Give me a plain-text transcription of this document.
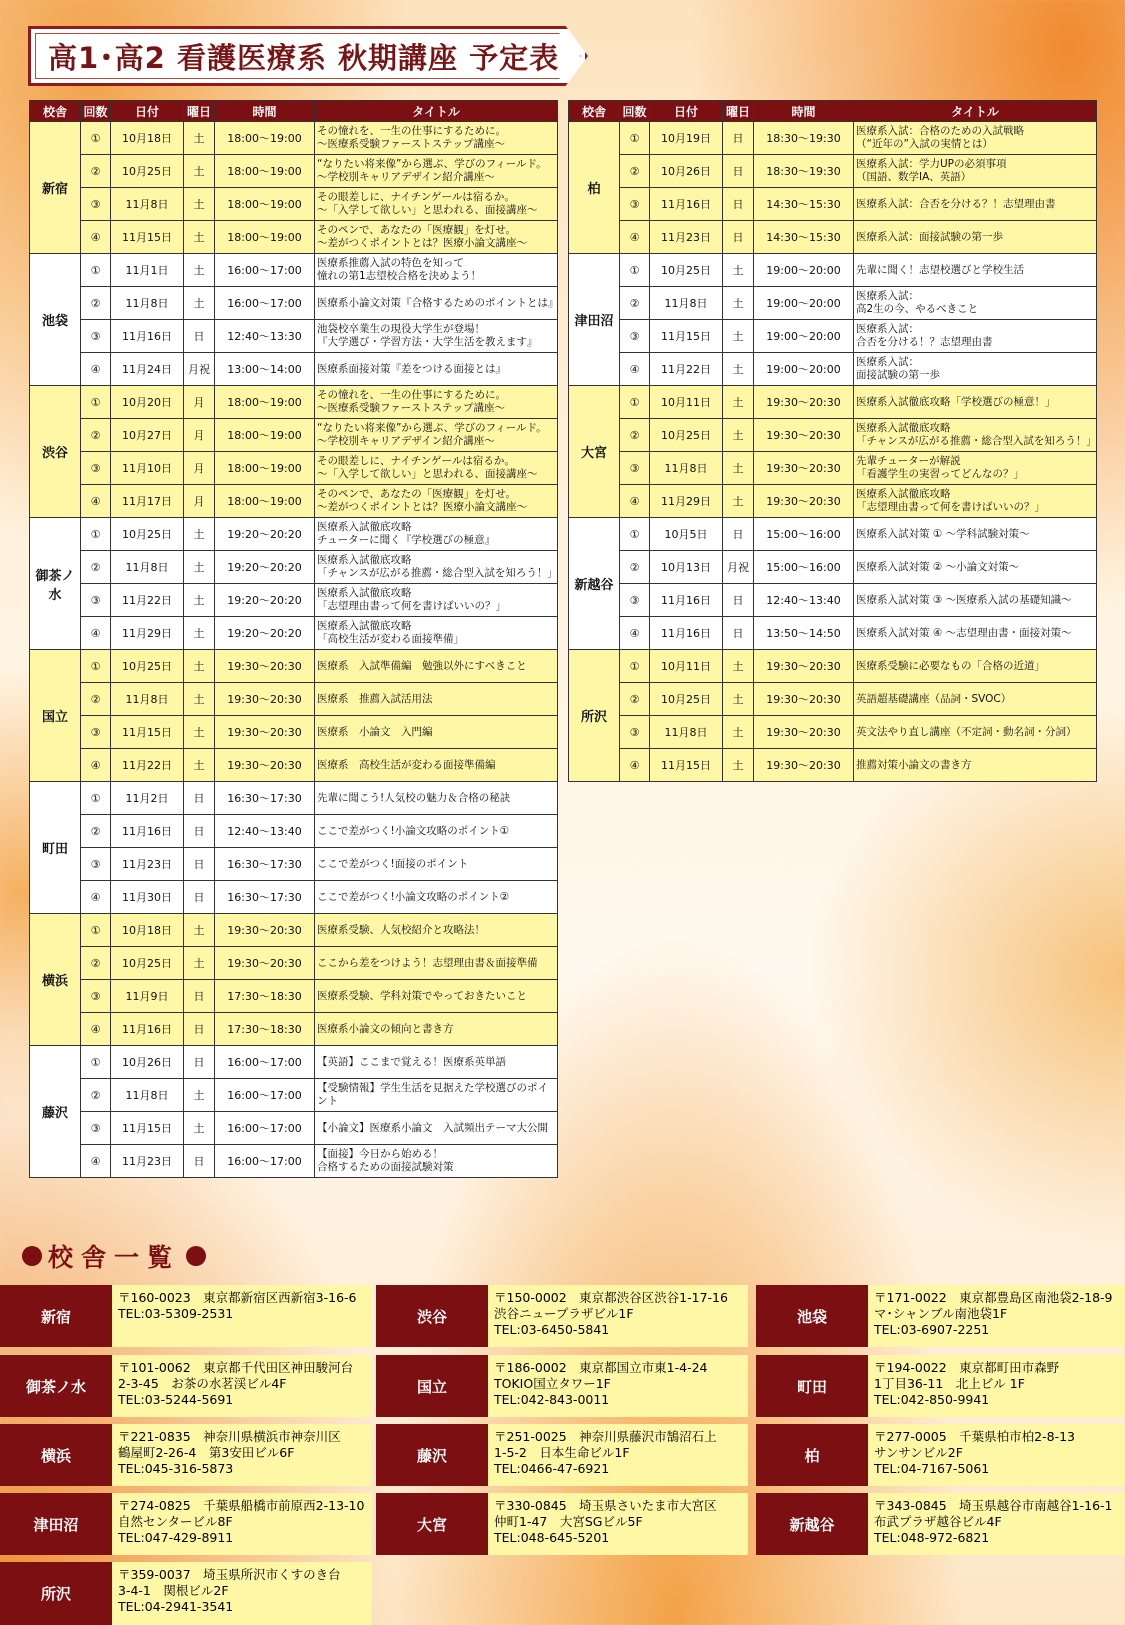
高1･高2 看護医療系 秋期講座 予定表
校舎	回数	日付	曜日	時間	タイトル
新宿	①	10月18日	土	18:00～19:00	その憧れを、一生の仕事にするために。
～医療系受験ファーストステップ講座～
	②	10月25日	土	18:00～19:00	“なりたい将来像”から選ぶ、学びのフィールド。
～学校別キャリアデザイン紹介講座～
	③	11月8日	土	18:00～19:00	その眼差しに、ナイチンゲールは宿るか。
～「入学して欲しい」と思われる、面接講座～
	④	11月15日	土	18:00～19:00	そのペンで、あなたの「医療観」を灯せ。
～差がつくポイントとは？医療小論文講座～
池袋	①	11月1日	土	16:00～17:00	医療系推薦入試の特色を知って
憧れの第1志望校合格を決めよう！
	②	11月8日	土	16:00～17:00	医療系小論文対策『合格するためのポイントとは』
	③	11月16日	日	12:40～13:30	池袋校卒業生の現役大学生が登場！
『大学選び・学習方法・大学生活を教えます』
	④	11月24日	月祝	13:00～14:00	医療系面接対策『差をつける面接とは』
渋谷	①	10月20日	月	18:00～19:00	その憧れを、一生の仕事にするために。
～医療系受験ファーストステップ講座～
	②	10月27日	月	18:00～19:00	“なりたい将来像”から選ぶ、学びのフィールド。
～学校別キャリアデザイン紹介講座～
	③	11月10日	月	18:00～19:00	その眼差しに、ナイチンゲールは宿るか。
～「入学して欲しい」と思われる、面接講座～
	④	11月17日	月	18:00～19:00	そのペンで、あなたの「医療観」を灯せ。
～差がつくポイントとは？医療小論文講座～
御茶ノ水	①	10月25日	土	19:20～20:20	医療系入試徹底攻略
チューターに聞く『学校選びの極意』
	②	11月8日	土	19:20～20:20	医療系入試徹底攻略
「チャンスが広がる推薦・総合型入試を知ろう！」
	③	11月22日	土	19:20～20:20	医療系入試徹底攻略
「志望理由書って何を書けばいいの？」
	④	11月29日	土	19:20～20:20	医療系入試徹底攻略
「高校生活が変わる面接準備」
国立	①	10月25日	土	19:30～20:30	医療系　入試準備編　勉強以外にすべきこと
	②	11月8日	土	19:30～20:30	医療系　推薦入試活用法
	③	11月15日	土	19:30～20:30	医療系　小論文　入門編
	④	11月22日	土	19:30～20:30	医療系　高校生活が変わる面接準備編
町田	①	11月2日	日	16:30～17:30	先輩に聞こう!人気校の魅力＆合格の秘訣
	②	11月16日	日	12:40～13:40	ここで差がつく!小論文攻略のポイント①
	③	11月23日	日	16:30～17:30	ここで差がつく!面接のポイント
	④	11月30日	日	16:30～17:30	ここで差がつく!小論文攻略のポイント②
横浜	①	10月18日	土	19:30～20:30	医療系受験、人気校紹介と攻略法！
	②	10月25日	土	19:30～20:30	ここから差をつけよう！志望理由書＆面接準備
	③	11月9日	日	17:30～18:30	医療系受験、学科対策でやっておきたいこと
	④	11月16日	日	17:30～18:30	医療系小論文の傾向と書き方
藤沢	①	10月26日	日	16:00～17:00	【英語】ここまで覚える！医療系英単語
	②	11月8日	土	16:00～17:00	【受験情報】学生生活を見据えた学校選びのポイント
	③	11月15日	土	16:00～17:00	【小論文】医療系小論文　入試頻出テーマ大公開
	④	11月23日	日	16:00～17:00	【面接】今日から始める！
合格するための面接試験対策
校舎	回数	日付	曜日	時間	タイトル
柏	①	10月19日	日	18:30～19:30	医療系入試：合格のための入試戦略
（“近年の”入試の実情とは）
	②	10月26日	日	18:30～19:30	医療系入試：学力UPの必須事項
（国語、数学ⅠA、英語）
	③	11月16日	日	14:30～15:30	医療系入試：合否を分ける？！志望理由書
	④	11月23日	日	14:30～15:30	医療系入試：面接試験の第一歩
津田沼	①	10月25日	土	19:00～20:00	先輩に聞く！志望校選びと学校生活
	②	11月8日	土	19:00～20:00	医療系入試：
高2生の今、やるべきこと
	③	11月15日	土	19:00～20:00	医療系入試：
合否を分ける！？志望理由書
	④	11月22日	土	19:00～20:00	医療系入試：
面接試験の第一歩
大宮	①	10月11日	土	19:30～20:30	医療系入試徹底攻略「学校選びの極意！」
	②	10月25日	土	19:30～20:30	医療系入試徹底攻略
「チャンスが広がる推薦・総合型入試を知ろう！」
	③	11月8日	土	19:30～20:30	先輩チューターが解説
「看護学生の実習ってどんなの？」
	④	11月29日	土	19:30～20:30	医療系入試徹底攻略
「志望理由書って何を書けばいいの？」
新越谷	①	10月5日	日	15:00～16:00	医療系入試対策 ① ～学科試験対策～
	②	10月13日	月祝	15:00～16:00	医療系入試対策 ② ～小論文対策～
	③	11月16日	日	12:40～13:40	医療系入試対策 ③ ～医療系入試の基礎知識～
	④	11月16日	日	13:50～14:50	医療系入試対策 ④ ～志望理由書・面接対策～
所沢	①	10月11日	土	19:30～20:30	医療系受験に必要なもの「合格の近道」
	②	10月25日	土	19:30～20:30	英語超基礎講座（品詞・SVOC）
	③	11月8日	土	19:30～20:30	英文法やり直し講座（不定詞・動名詞・分詞）
	④	11月15日	土	19:30～20:30	推薦対策小論文の書き方
校舎一覧
新宿
〒160-0023　東京都新宿区西新宿3-16-6
TEL:03-5309-2531	渋谷
〒150-0002　東京都渋谷区渋谷1-17-16
渋谷ニュープラザビル1F
TEL:03-6450-5841
池袋
〒171-0022　東京都豊島区南池袋2-18-9
マ･シャンブル南池袋1F
TEL:03-6907-2251
御茶ノ水
〒101-0062　東京都千代田区神田駿河台
2-3-45　お茶の水茗渓ビル4F
TEL:03-5244-5691
国立
〒186-0002　東京都国立市東1-4-24
TOKIO国立タワー1F
TEL:042-843-0011
町田
〒194-0022　東京都町田市森野
1丁目36-11　北上ビル 1F
TEL:042-850-9941
横浜
〒221-0835　神奈川県横浜市神奈川区
鶴屋町2-26-4　第3安田ビル6F
TEL:045-316-5873
藤沢
〒251-0025　神奈川県藤沢市鵠沼石上
1-5-2　日本生命ビル1F
TEL:0466-47-6921
柏
〒277-0005　千葉県柏市柏2-8-13
サンサンビル2F
TEL:04-7167-5061
津田沼
〒274-0825　千葉県船橋市前原西2-13-10
自然センタービル8F
TEL:047-429-8911
大宮
〒330-0845　埼玉県さいたま市大宮区
仲町1-47　大宮SGビル5F
TEL:048-645-5201
新越谷
〒343-0845　埼玉県越谷市南越谷1-16-1
布武プラザ越谷ビル4F
TEL:048-972-6821
所沢
〒359-0037　埼玉県所沢市くすのき台
3-4-1　関根ビル2F
TEL:04-2941-3541
